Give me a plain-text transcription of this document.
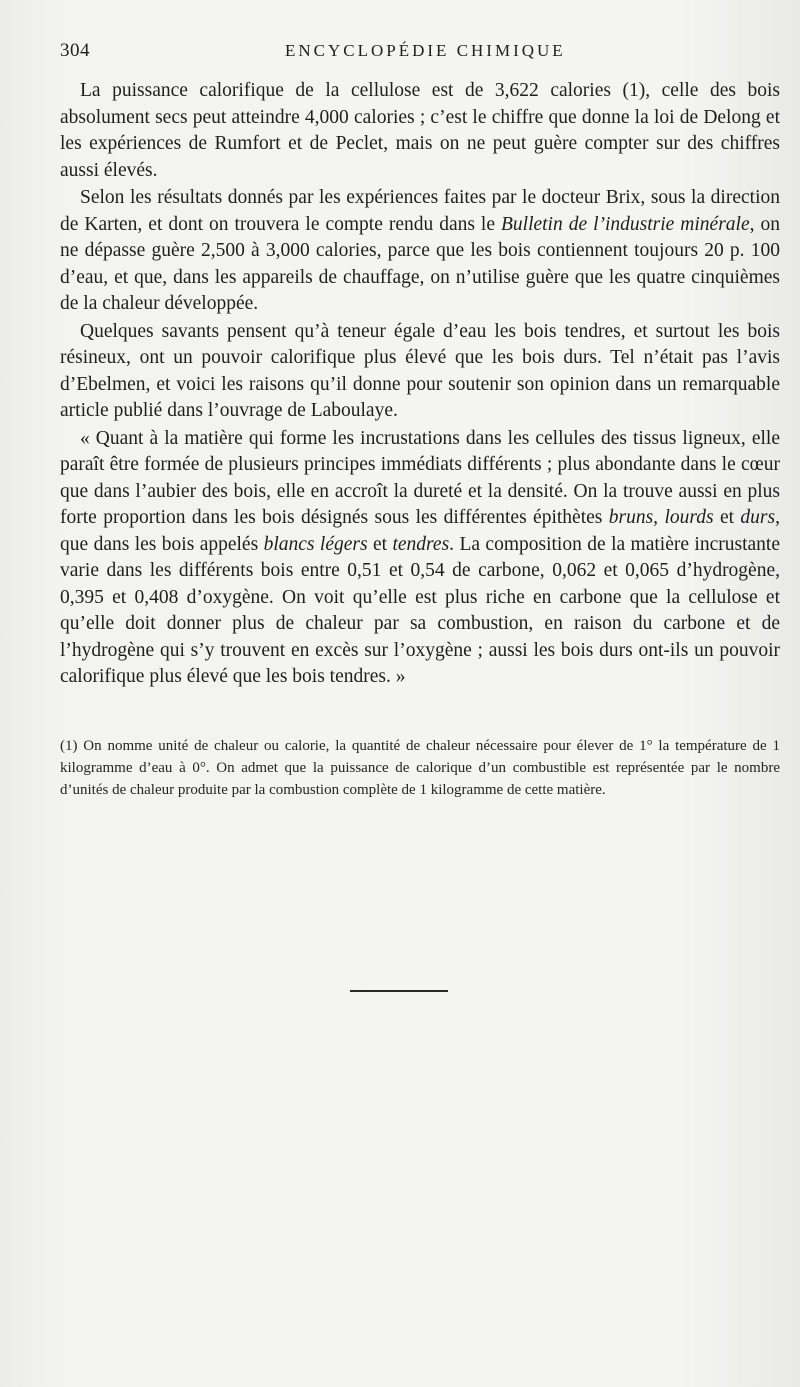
304	ENCYCLOPÉDIE CHIMIQUE

La puissance calorifique de la cellulose est de 3,622 calories (1), celle des bois absolument secs peut atteindre 4,000 calories ; c’est le chiffre que donne la loi de Delong et les expériences de Rumfort et de Peclet, mais on ne peut guère compter sur des chiffres aussi élevés.

Selon les résultats donnés par les expériences faites par le docteur Brix, sous la direction de Karten, et dont on trouvera le compte rendu dans le Bulletin de l’industrie minérale, on ne dépasse guère 2,500 à 3,000 calories, parce que les bois contiennent toujours 20 p. 100 d’eau, et que, dans les appareils de chauffage, on n’utilise guère que les quatre cinquièmes de la chaleur développée.

Quelques savants pensent qu’à teneur égale d’eau les bois tendres, et surtout les bois résineux, ont un pouvoir calorifique plus élevé que les bois durs. Tel n’était pas l’avis d’Ebelmen, et voici les raisons qu’il donne pour soutenir son opinion dans un remarquable article publié dans l’ouvrage de Laboulaye.

« Quant à la matière qui forme les incrustations dans les cellules des tissus ligneux, elle paraît être formée de plusieurs principes immédiats différents ; plus abondante dans le cœur que dans l’aubier des bois, elle en accroît la dureté et la densité. On la trouve aussi en plus forte proportion dans les bois désignés sous les différentes épithètes bruns, lourds et durs, que dans les bois appelés blancs légers et tendres. La composition de la matière incrustante varie dans les différents bois entre 0,51 et 0,54 de carbone, 0,062 et 0,065 d’hydrogène, 0,395 et 0,408 d’oxygène. On voit qu’elle est plus riche en carbone que la cellulose et qu’elle doit donner plus de chaleur par sa combustion, en raison du carbone et de l’hydrogène qui s’y trouvent en excès sur l’oxygène ; aussi les bois durs ont-ils un pouvoir calorifique plus élevé que les bois tendres. »

(1) On nomme unité de chaleur ou calorie, la quantité de chaleur nécessaire pour élever de 1° la température de 1 kilogramme d’eau à 0°. On admet que la puissance de calorique d’un combustible est représentée par le nombre d’unités de chaleur produite par la combustion complète de 1 kilogramme de cette matière.
